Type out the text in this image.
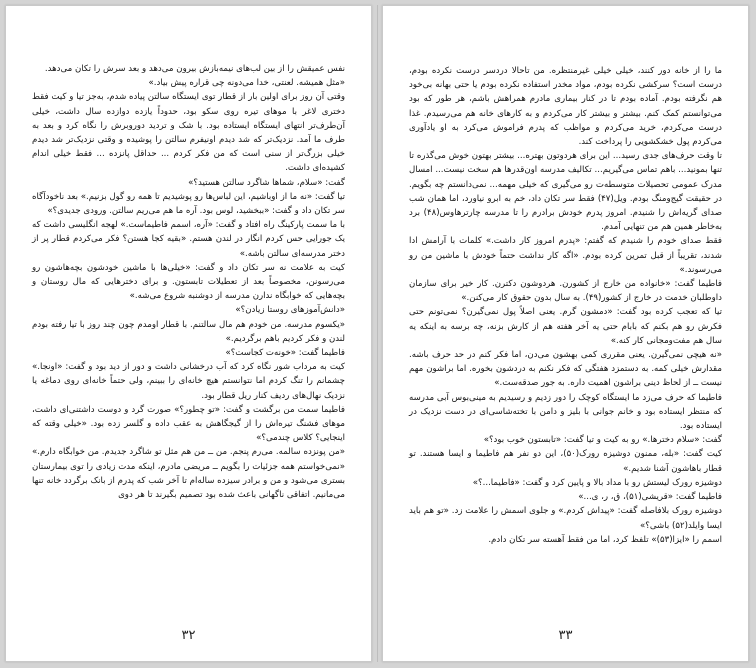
نفس عمیقش را از بین لب‌های نیمه‌بازش بیرون می‌دهد و بعد سرش را تکان می‌دهد.

«مثل همیشه. لعنتی، خدا می‌دونه چی قراره پیش بیاد.»

وقتی آن روز برای اولین بار از قطار توی ایستگاه سالتن پیاده شدم، به‌جز تیا و کیت فقط دختری لاغر با موهای تیره روی سکو بود، حدوداً یازده دوازده سال داشت، خیلی آن‌طرف‌تر انتهای ایستگاه ایستاده بود. با شک و تردید دوروبرش را نگاه کرد و بعد به طرف ما آمد. نزدیک‌تر که شد دیدم اونیفرم سالتن را پوشیده و وقتی نزدیک‌تر شد دیدم خیلی بزرگ‌تر از سنی است که من فکر کردم ... حداقل پانزده ... فقط خیلی اندام کشیده‌ای داشت.

گفت: «سلام، شماها شاگرد سالتن هستید؟»

تیا گفت: «نه ما از اوباشیم، این لباس‌ها رو پوشیدیم تا همه رو گول بزنیم.» بعد ناخودآگاه سر تکان داد و گفت: «ببخشید، لوس بود. آره ما هم می‌ریم سالتن. ورودی جدیدی؟»

با ما سمت پارکینگ راه افتاد و گفت: «آره، اسمم فاطیماست.» لهجه انگلیسی داشت که یک جورایی حس کردم انگار در لندن هستم. «بقیه کجا هستن؟ فکر می‌کردم قطار پر از دختر مدرسه‌ای سالتن باشه.»

کیت به علامت نه سر تکان داد و گفت: «خیلی‌ها با ماشین خودشون بچه‌هاشون رو می‌رسونن، مخصوصاً بعد از تعطیلات تابستون. و برای دخترهایی که مال روستان و بچه‌هایی که خوابگاه ندارن مدرسه از دوشنبه شروع می‌شه.»

«دانش‌آموزهای روستا زیادن؟»

«یکسوم مدرسه. من خودم هم مال سالتنم. با قطار اومدم چون چند روز با تیا رفته بودم لندن و فکر کردیم باهم برگردیم.»

فاطیما گفت: «خونه‌ت کجاست؟»

کیت به مرداب شور نگاه کرد که آب درخشانی داشت و دور از دید بود و گفت: «اونجا.» چشمانم را تنگ کردم اما نتوانستم هیچ خانه‌ای را ببینم، ولی حتماً خانه‌ای روی دماغه یا نزدیک نهال‌های ردیف کنار ریل قطار بود.

فاطیما سمت من برگشت و گفت: «تو چطور؟» صورت گرد و دوست داشتنی‌ای داشت، موهای فشنگ تیره‌اش را از گیجگاهش به عقب داده و گلسر زده بود. «خیلی وقته که اینجایی؟ کلاس چندمی؟»

«من پونزده سالمه. می‌رم پنجم. من ــ من هم مثل تو شاگرد جدیدم. من خوابگاه دارم.» «نمی‌خواستم همه جزئیات را بگویم ــ مریضی مادرم، اینکه مدت زیادی را توی بیمارستان بستری می‌شود و من و برادر سیزده ساله‌ام تا آخر شب که پدرم از بانک برگردد خانه تنها می‌مانیم. اتفاقی ناگهانی باعث شده بود تصمیم بگیرند تا هر دوی

۳۲

ما را از خانه دور کنند، خیلی خیلی غیرمنتظره. من تاحالا درد‌سر درست نکرده بودم، درست است؟ سرکشی نکرده بودم، مواد مخدر استفاده نکرده بودم یا حتی بهانه بی‌خود هم نگرفته بودم. آماده بودم تا در کنار بیماری مادرم همراهش باشم، هر طور که بود می‌توانستم کمک کنم. بیشتر و بیشتر کار می‌کردم و به کارهای خانه هم می‌رسیدم. غذا درست می‌کردم، خرید می‌کردم و مواظب که پدرم فراموش می‌کرد به او یادآوری می‌کردم پول خشکشویی را پرداخت کند.

تا وقت حرف‌های جدی رسید... این برای هردوتون بهتره... بیشتر بهتون خوش می‌گذره تا تنها بمونید... باهم تماس می‌گیریم... تکالیف مدرسه اون‌قدرها هم سخت نیست... امسال مدرک عمومی تحصیلات متوسطه‌ت رو می‌گیری که خیلی مهمه... نمی‌دانستم چه بگویم. در حقیقت گیج‌ومنگ بودم. ویل(۴۷) فقط سر تکان داد، خم به ابرو نیاورد، اما همان شب صدای گریه‌اش را شنیدم. امروز پدرم خودش برادرم را تا مدرسه چارترهاوس(۴۸) برد به‌خاطر همین هم من تنهایی آمدم.

فقط صدای خودم را شنیدم که گفتم: «پدرم امروز کار داشت.» کلمات با آرامش ادا شدند، تقریباً از قبل تمرین کرده بودم. «اگه کار نداشت حتماً خودش با ماشین من رو می‌رسوند.»

فاطیما گفت: «خانواده من خارج از کشورن. هردوشون دکترن. کار خیر برای سازمان داوطلبان خدمت در خارج از کشور(۴۹). به سال بدون حقوق کار می‌کنن.»

تیا که تعجب کرده بود گفت: «دمشون گرم. یعنی اصلاً پول نمی‌گیرن؟ نمی‌تونم حتی فکرش رو هم بکنم که بابام حتی یه آخر هفته هم از کارش بزنه، چه برسه به اینکه یه سال هم مفت‌ومجانی کار کنه.»

«نه هیچی نمی‌گیرن. یعنی مقرری کمی بهشون می‌دن، اما فکر کنم در حد حرف باشه. مقدارش خیلی کمه. به دستمزد هفتگی که فکر نکنم به دردشون بخوره. اما براشون مهم نیست ــ از لحاظ دینی براشون اهمیت داره. به جور صدقه‌ست.»

فاطیما که حرف می‌زد ما ایستگاه کوچک را دور زدیم و رسیدیم به مینی‌بوس آبی مدرسه که منتظر ایستاده بود و خانم جوانی با بلیز و دامن با تخته‌شاسی‌ای در دست نزدیک در ایستاده بود.

گفت: «سلام دخترها.» رو به کیت و تیا گفت: «تابستون خوب بود؟»

کیت گفت: «بله، ممنون دوشیزه رورک(۵۰)، این دو نفر هم فاطیما و ایسا هستند. تو قطار باهاشون آشنا شدیم.»

دوشیزه رورک لیستش رو با مداد بالا و پایین کرد و گفت: «فاطیما...؟»

فاطیما گفت: «قریشی(۵۱)، ق، ر، ی...»

دوشیزه رورک بلافاصله گفت: «پیداش کردم.» و جلوی اسمش را علامت زد. «تو هم باید ایسا وایلد(۵۲) باشی؟»

اسمم را «ایزا(۵۳)» تلفظ کرد، اما من فقط آهسته سر تکان دادم.

۳۳
